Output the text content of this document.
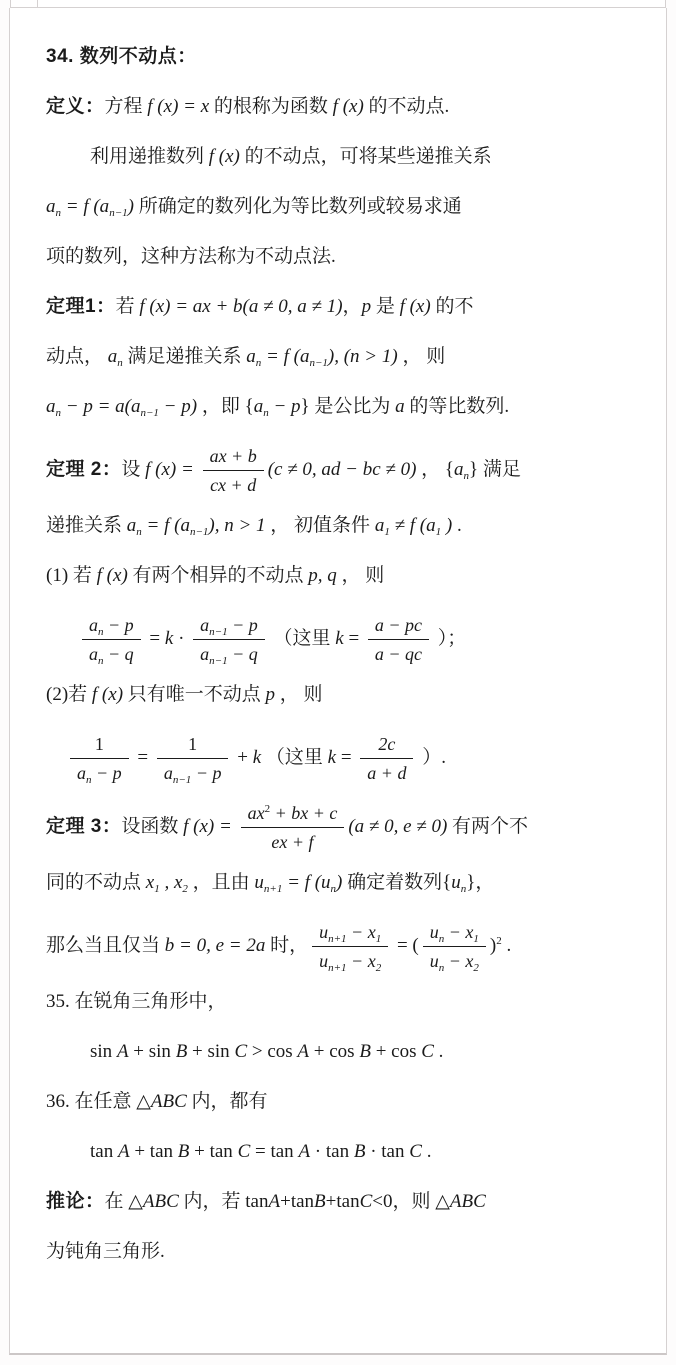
34. 数列不动点：
定义：方程 f (x) = x 的根称为函数 f (x) 的不动点.
利用递推数列 f (x) 的不动点，可将某些递推关系
$a_n = f$ $(a_{n-1})$ 所确定的数列化为等比数列或较易求通
项的数列，这种方法称为不动点法.
定理1：若 f (x) = ax + b(a ≠ 0, a ≠ 1)，p 是 f (x) 的不
动点， $a_n$ 满足递推关系 $a_n = f$ $(a_{n-1})$, (n > 1) ， 则
$a_n - p = a(a_{n-1} - p)$ ，即 $\{a_n - p\}$ 是公比为 a 的等比数列.
定理 2：设 f $(x) = \frac{ax + b}{cx + d} (c \ne 0$, ad − bc ≠ 0) ， $\{a_n\}$ 满足
递推关系 $a_n = f$ $(a_{n-1})$, n > 1 ， 初值条件 $a_1 \ne f$ ($a_1$ ) .
(1) 若 f (x) 有两个相异的不动点 p, q ， 则
$\frac{a_n - p}{a_n - q} = k \cdot \frac{a_{n-1} - p}{a_{n-1} - q}$ （这里 $k = \frac{a - pc}{a - qc}$ ）；
(2)若 f (x) 只有唯一不动点 p ， 则
$\frac{1}{a_n - p} = \frac{1}{a_{n-1} - p} + k$ （这里 $k = \frac{2c}{a + d}$ ）.
定理 3：设函数 f $(x) = \frac{ax^2 + bx + c}{ex + f} (a \ne 0$, e ≠ 0) 有两个不
同的不动点 $x_1$ , $x_2$ ，且由 $u_{n+1} = f$ $(u_n)$ 确定着数列$\{u_n\}$，
那么当且仅当 b = 0, e = 2a 时， $\frac{u_{n+1} - x_1}{u_{n+1} - x_2}$ = ( $\frac{u_n - x_1}{u_n - x_2} )^2$ .
35. 在锐角三角形中，
sin A + sin B + sin C > cos A + cos B + cos C .
36. 在任意 △ABC 内，都有
tan A + tan B + tan C = tan A · tan B · tan C .
推论：在 △ABC 内，若 tanA+tanB+tanC<0，则 △ABC
为钝角三角形.
